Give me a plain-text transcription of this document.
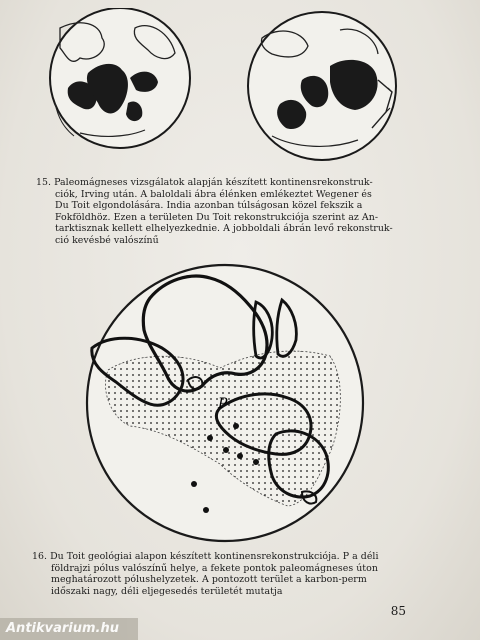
15. Paleomágneses vizsgálatok alapján készített kontinensrekonstruk-
ciók, Irving után. A baloldali ábra élénken emlékeztet Wegener és
Du Toit elgondolására. India azonban túlságosan közel fekszik a
Fokföldhöz. Ezen a területen Du Toit rekonstrukciója szerint az An-
tarktisznak kellett elhelyezkednie. A jobboldali ábrán levő rekonstruk-
ció kevésbé valószínű
P
16. Du Toit geológiai alapon készített kontinensrekonstrukciója. P a déli
földrajzi pólus valószínű helye, a fekete pontok paleomágneses úton
meghatározott pólushelyzetek. A pontozott terület a karbon-perm
időszaki nagy, déli eljegesedés területét mutatja
85
Antikvarium.hu
